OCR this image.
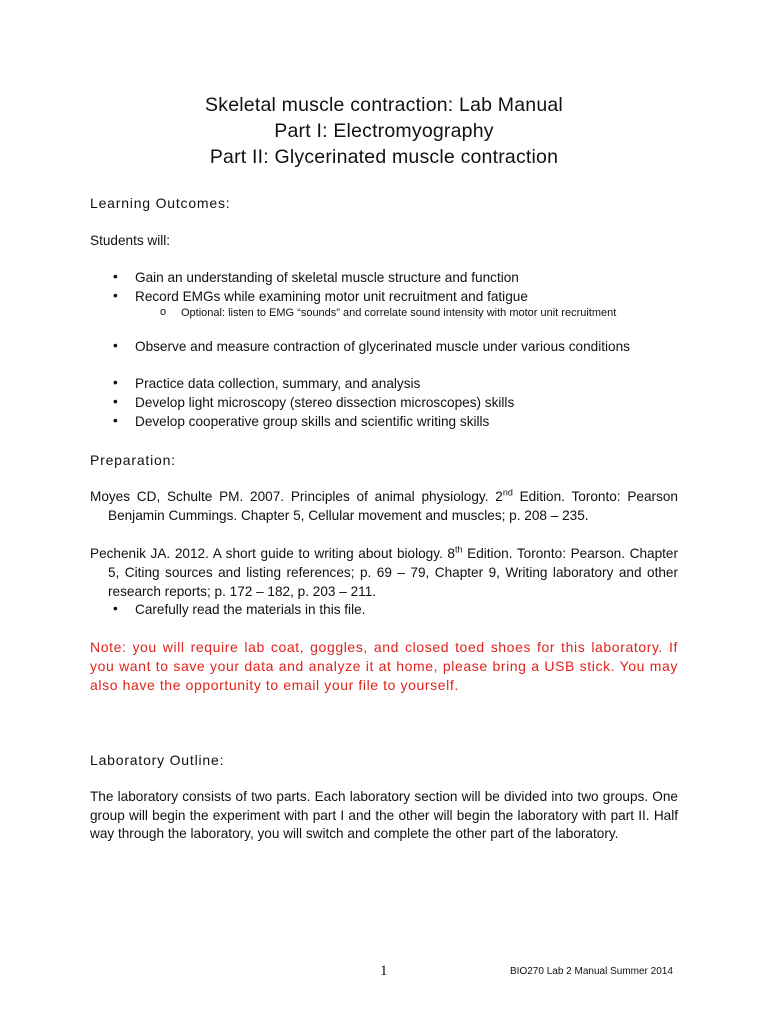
Skeletal muscle contraction: Lab Manual
Part I: Electromyography
Part II: Glycerinated muscle contraction
Learning Outcomes:
Students will:
• Gain an understanding of skeletal muscle structure and function
• Record EMGs while examining motor unit recruitment and fatigue
o Optional: listen to EMG “sounds” and correlate sound intensity with motor unit recruitment
• Observe and measure contraction of glycerinated muscle under various conditions
• Practice data collection, summary, and analysis
• Develop light microscopy (stereo dissection microscopes) skills
• Develop cooperative group skills and scientific writing skills
Preparation:
Moyes CD, Schulte PM. 2007. Principles of animal physiology. 2nd Edition. Toronto: Pearson Benjamin Cummings. Chapter 5, Cellular movement and muscles; p. 208 – 235.
Pechenik JA. 2012. A short guide to writing about biology. 8th Edition. Toronto: Pearson. Chapter 5, Citing sources and listing references; p. 69 – 79, Chapter 9, Writing laboratory and other research reports; p. 172 – 182, p. 203 – 211.
• Carefully read the materials in this file.
Note: you will require lab coat, goggles, and closed toed shoes for this laboratory. If you want to save your data and analyze it at home, please bring a USB stick. You may also have the opportunity to email your file to yourself.
Laboratory Outline:
The laboratory consists of two parts. Each laboratory section will be divided into two groups. One group will begin the experiment with part I and the other will begin the laboratory with part II. Half way through the laboratory, you will switch and complete the other part of the laboratory.
1	BIO270 Lab 2 Manual Summer 2014
